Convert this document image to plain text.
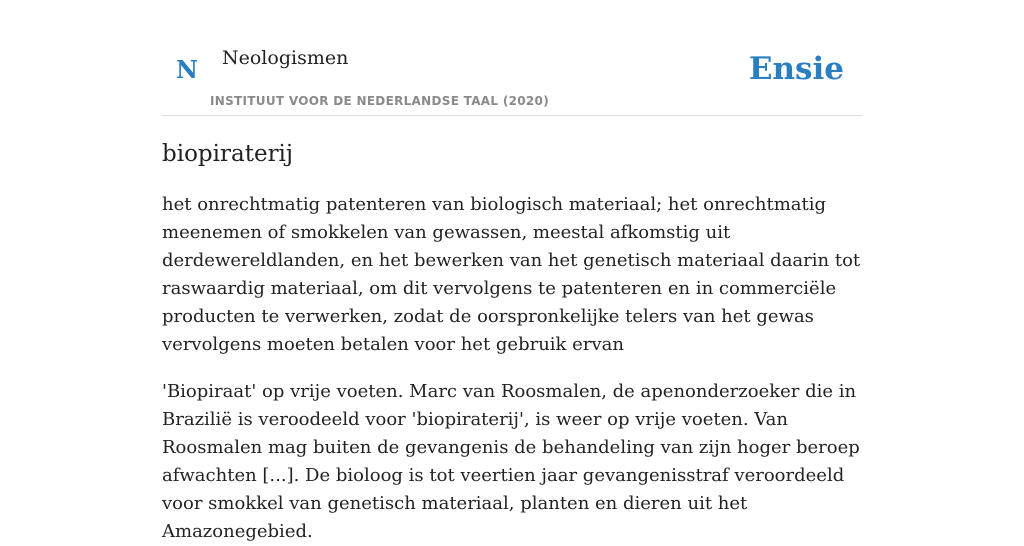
N Neologismen
INSTITUUT VOOR DE NEDERLANDSE TAAL (2020)
Ensie
biopiraterij

het onrechtmatig patenteren van biologisch materiaal; het onrechtmatig meenemen of smokkelen van gewassen, meestal afkomstig uit derdewereldlanden, en het bewerken van het genetisch materiaal daarin tot raswaardig materiaal, om dit vervolgens te patenteren en in commerciële producten te verwerken, zodat de oorspronkelijke telers van het gewas vervolgens moeten betalen voor het gebruik ervan

'Biopiraat' op vrije voeten. Marc van Roosmalen, de apenonderzoeker die in Brazilië is veroodeeld voor 'biopiraterij', is weer op vrije voeten. Van Roosmalen mag buiten de gevangenis de behandeling van zijn hoger beroep afwachten [...]. De bioloog is tot veertien jaar gevangenisstraf veroordeeld voor smokkel van genetisch materiaal, planten en dieren uit het Amazonegebied.
